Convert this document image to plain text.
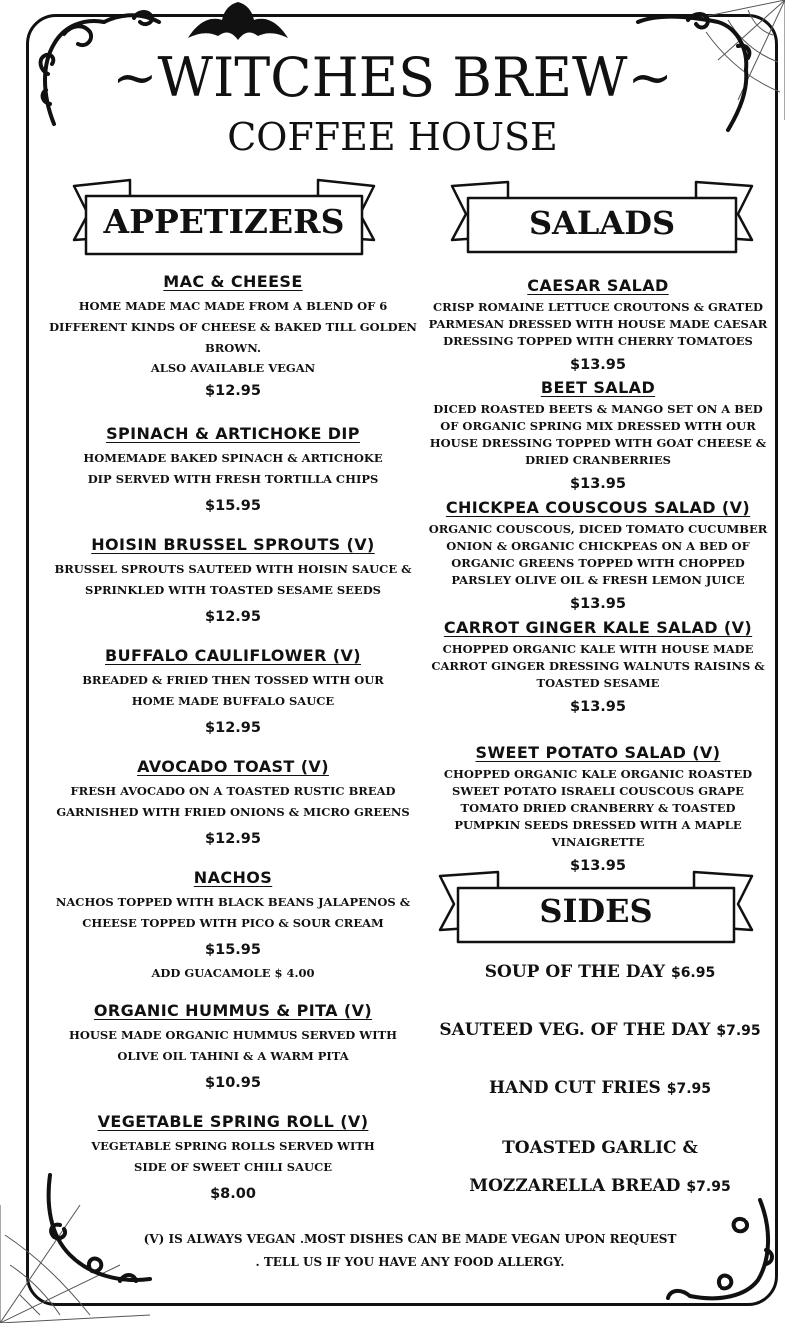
~WITCHES BREW~
COFFEE HOUSE
APPETIZERS	SALADS
SIDES
MAC & CHEESE
HOME MADE MAC MADE FROM A BLEND OF 6 DIFFERENT KINDS OF CHEESE & BAKED TILL GOLDEN BROWN.
ALSO AVAILABLE VEGAN
$12.95
SPINACH & ARTICHOKE DIP
HOMEMADE BAKED SPINACH & ARTICHOKE DIP SERVED WITH FRESH TORTILLA CHIPS
$15.95
HOISIN BRUSSEL SPROUTS (V)
BRUSSEL SPROUTS SAUTEED WITH HOISIN SAUCE & SPRINKLED WITH TOASTED SESAME SEEDS
$12.95
BUFFALO CAULIFLOWER (V)
BREADED & FRIED THEN TOSSED WITH OUR HOME MADE BUFFALO SAUCE
$12.95
AVOCADO TOAST (V)
FRESH AVOCADO ON A TOASTED RUSTIC BREAD GARNISHED WITH FRIED ONIONS & MICRO GREENS
$12.95
NACHOS
NACHOS TOPPED WITH BLACK BEANS JALAPENOS & CHEESE TOPPED WITH PICO & SOUR CREAM
$15.95
ADD GUACAMOLE $ 4.00
ORGANIC HUMMUS & PITA (V)
HOUSE MADE ORGANIC HUMMUS SERVED WITH OLIVE OIL TAHINI & A WARM PITA
$10.95
VEGETABLE SPRING ROLL (V)
VEGETABLE SPRING ROLLS SERVED WITH SIDE OF SWEET CHILI SAUCE
$8.00
CAESAR SALAD
CRISP ROMAINE LETTUCE CROUTONS & GRATED PARMESAN DRESSED WITH HOUSE MADE CAESAR DRESSING TOPPED WITH CHERRY TOMATOES
$13.95
BEET SALAD
DICED ROASTED BEETS & MANGO SET ON A BED OF ORGANIC SPRING MIX DRESSED WITH OUR HOUSE DRESSING TOPPED WITH GOAT CHEESE & DRIED CRANBERRIES
$13.95
CHICKPEA COUSCOUS SALAD (V)
ORGANIC COUSCOUS, DICED TOMATO CUCUMBER ONION & ORGANIC CHICKPEAS ON A BED OF ORGANIC GREENS TOPPED WITH CHOPPED PARSLEY OLIVE OIL & FRESH LEMON JUICE
$13.95
CARROT GINGER KALE SALAD (V)
CHOPPED ORGANIC KALE WITH HOUSE MADE CARROT GINGER DRESSING WALNUTS RAISINS & TOASTED SESAME
$13.95
SWEET POTATO SALAD (V)
CHOPPED ORGANIC KALE ORGANIC ROASTED SWEET POTATO ISRAELI COUSCOUS GRAPE TOMATO DRIED CRANBERRY & TOASTED PUMPKIN SEEDS DRESSED WITH A MAPLE VINAIGRETTE
$13.95
SOUP OF THE DAY $6.95
SAUTEED VEG. OF THE DAY $7.95
HAND CUT FRIES $7.95
TOASTED GARLIC &
MOZZARELLA BREAD $7.95
(V) IS ALWAYS VEGAN .MOST DISHES CAN BE MADE VEGAN UPON REQUEST
. TELL US IF YOU HAVE ANY FOOD ALLERGY.
